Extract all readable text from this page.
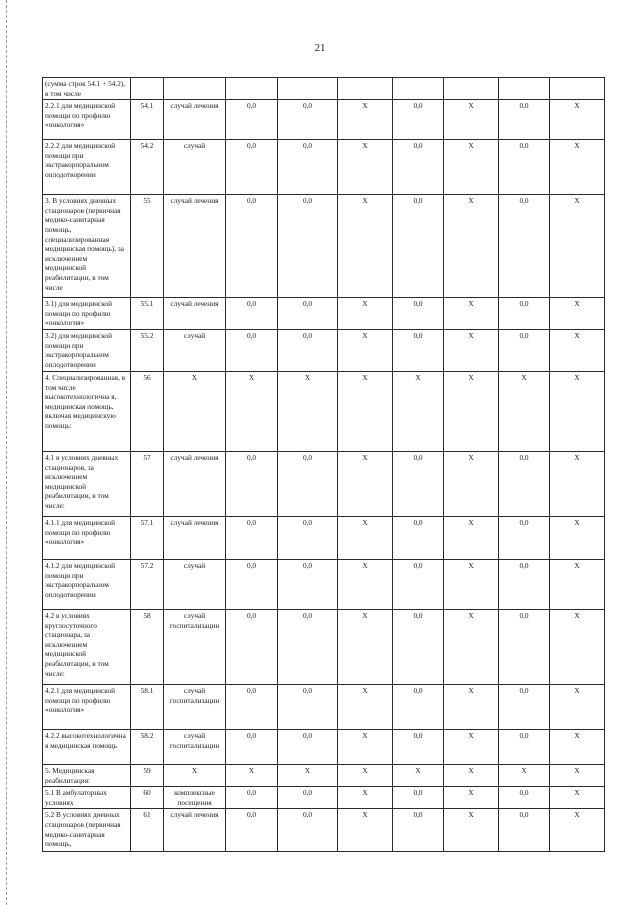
21
(сумма строк 54.1 + 54.2), в том числе										
2.2.1 для медицинской помощи по профилю «онкология»	54.1	случай лечения	0,0	0,0	X	0,0	X	0,0	X	
2.2.2 для медицинской помощи при экстракорпоральном оплодотворении	54.2	случай	0,0	0,0	X	0,0	X	0,0	X	
3. В условиях дневных стационаров (первичная медико-санитарная помощь, специализированная медицинская помощь), за исключением медицинской реабилитации, в том числе	55	случай лечения	0,0	0,0	X	0,0	X	0,0	X	
3.1) для медицинской помощи по профилю «онкология»	55.1	случай лечения	0,0	0,0	X	0,0	X	0,0	X	
3.2) для медицинской помощи при экстракорпоральном оплодотворении	55.2	случай	0,0	0,0	X	0,0	X	0,0	X	
4. Специализированная, в том числе высокотехнологична я, медицинская помощь, включая медицинскую помощь:	56	X	X	X	X	X	X	X	X	
4.1 в условиях дневных стационаров, за исключением медицинской реабилитации, в том числе:	57	случай лечения	0,0	0,0	X	0,0	X	0,0	X	
4.1.1 для медицинской помощи по профилю «онкология»	57.1	случай лечения	0,0	0,0	X	0,0	X	0,0	X	
4.1.2 для медицинской помощи при экстракорпоральном оплодотворении	57.2	случай	0,0	0,0	X	0,0	X	0,0	X	
4.2 в условиях круглосуточного стационара, за исключением медицинской реабилитации, в том числе:	58	случай госпитализации	0,0	0,0	X	0,0	X	0,0	X	
4.2.1 для медицинской помощи по профилю «онкология»	58.1	случай госпитализации	0,0	0,0	X	0,0	X	0,0	X	
4.2.2 высокотехнологична я медицинская помощь	58.2	случай госпитализации	0,0	0,0	X	0,0	X	0,0	X	
5. Медицинская реабилитация:	59	X	X	X	X	X	X	X	X	
5.1 В амбулаторных условиях	60	комплексные посещения	0,0	0,0	X	0,0	X	0,0	X	
5.2 В условиях дневных стационаров (первичная медико-санитарная помощь,	61	случай лечения	0,0	0,0	X	0,0	X	0,0	X	
